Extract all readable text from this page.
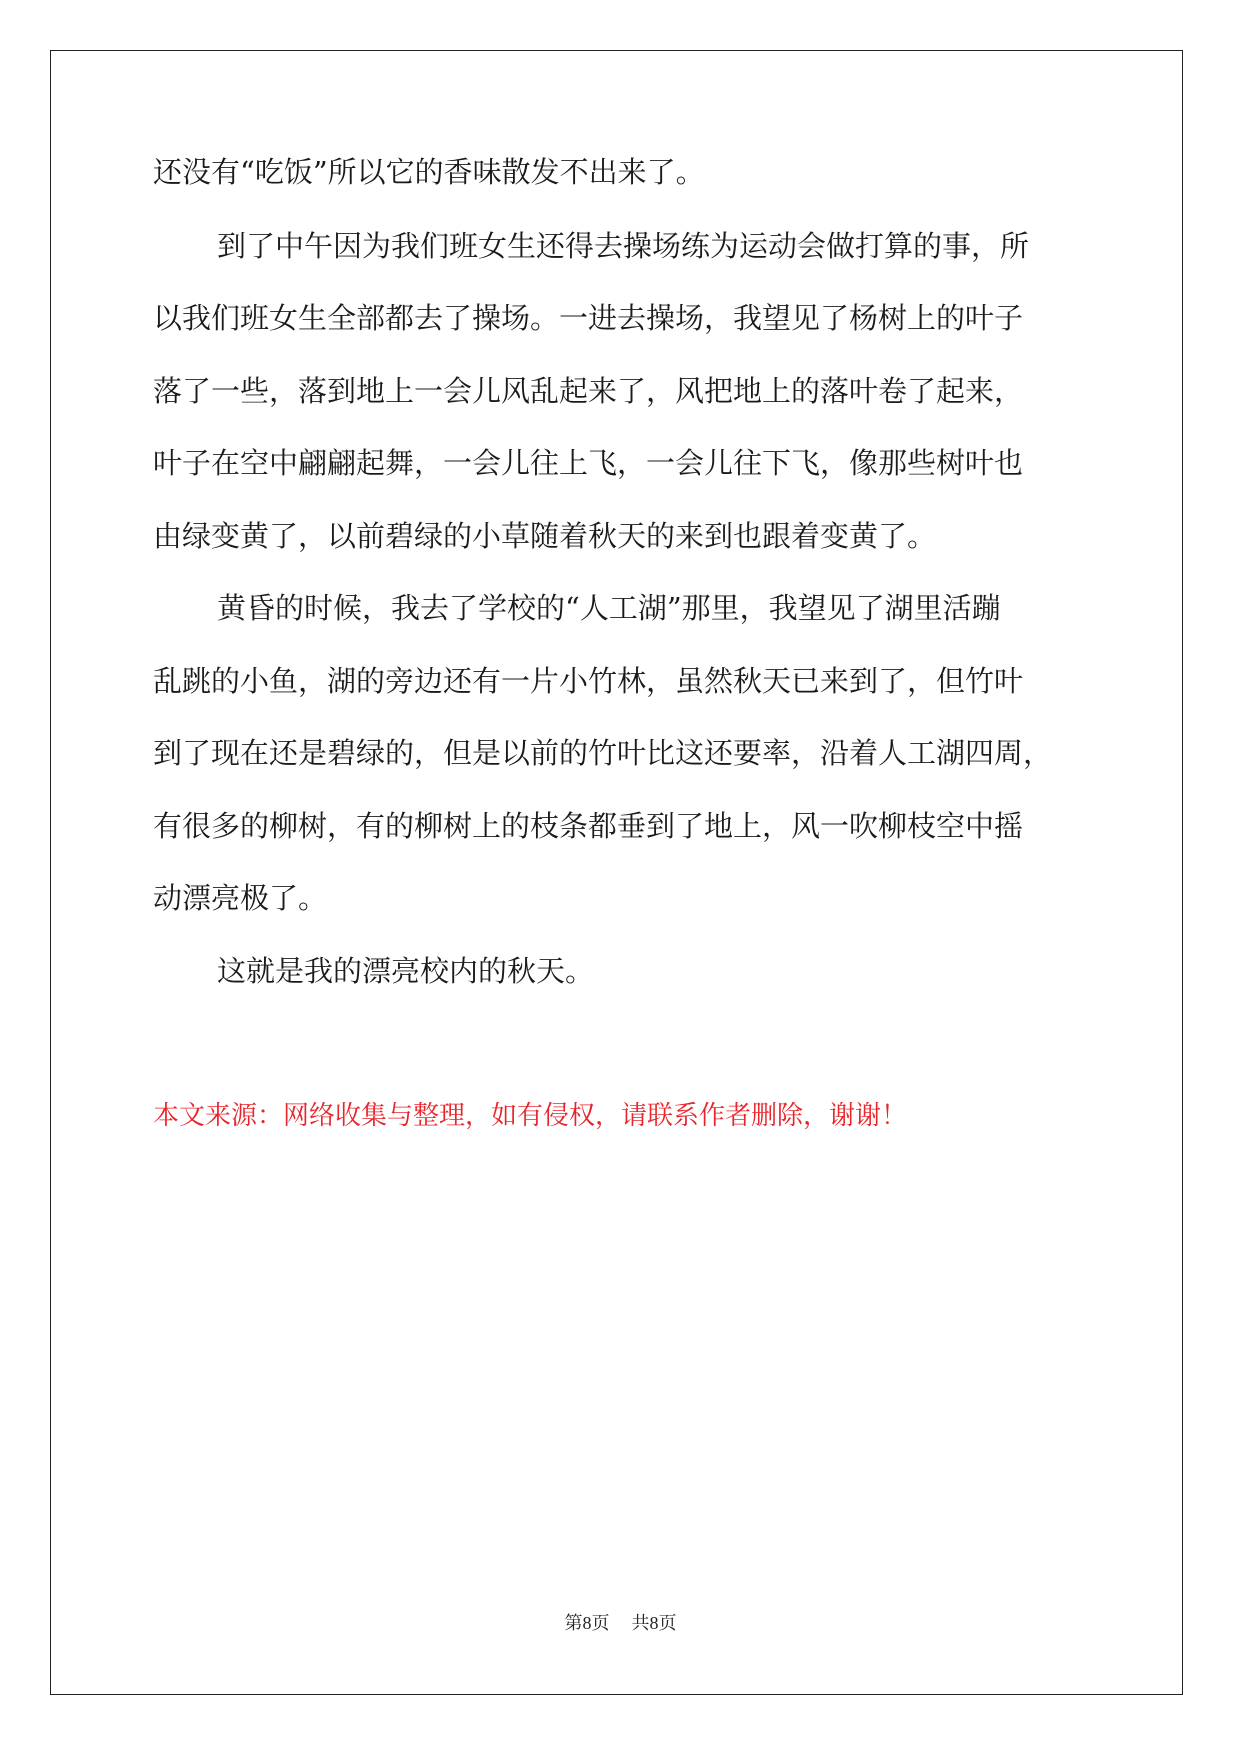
还没有“吃饭”所以它的香味散发不出来了。
到了中午因为我们班女生还得去操场练为运动会做打算的事，所
以我们班女生全部都去了操场。一进去操场，我望见了杨树上的叶子
落了一些，落到地上一会儿风乱起来了，风把地上的落叶卷了起来，
叶子在空中翩翩起舞，一会儿往上飞，一会儿往下飞，像那些树叶也
由绿变黄了，以前碧绿的小草随着秋天的来到也跟着变黄了。
黄昏的时候，我去了学校的“人工湖”那里，我望见了湖里活蹦
乱跳的小鱼，湖的旁边还有一片小竹林，虽然秋天已来到了，但竹叶
到了现在还是碧绿的，但是以前的竹叶比这还要率，沿着人工湖四周，
有很多的柳树，有的柳树上的枝条都垂到了地上，风一吹柳枝空中摇
动漂亮极了。
这就是我的漂亮校内的秋天。
本文来源：网络收集与整理，如有侵权，请联系作者删除，谢谢！
第8页 共8页
